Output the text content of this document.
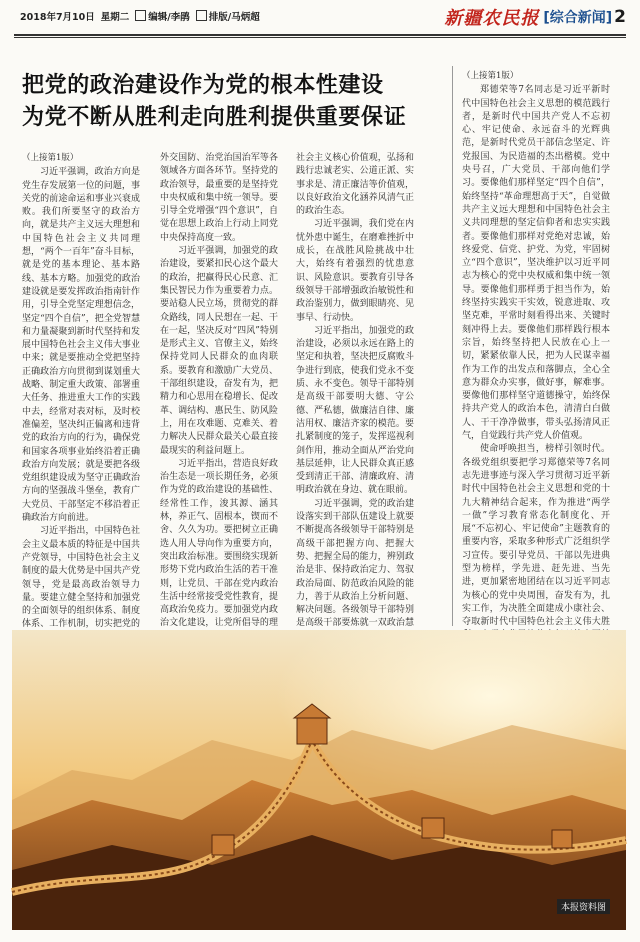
2018年7月10日 星期二	编辑/李鹃	排版/马炳超	新疆农民报 [综合新闻] 2
把党的政治建设作为党的根本性建设
为党不断从胜利走向胜利提供重要保证

（上接第1版）

习近平强调，政治方向是党生存发展第一位的问题，事关党的前途命运和事业兴衰成败。我们所要坚守的政治方向，就是共产主义远大理想和中国特色社会主义共同理想，“两个一百年”奋斗目标，就是党的基本理论、基本路线、基本方略。加强党的政治建设就是要发挥政治指南针作用，引导全党坚定理想信念，坚定“四个自信”，把全党智慧和力量凝聚到新时代坚持和发展中国特色社会主义伟大事业中来；就是要推动全党把坚持正确政治方向贯彻到谋划重大战略、制定重大政策、部署重大任务、推进重大工作的实践中去，经常对表对标，及时校准偏差，坚决纠正偏离和违背党的政治方向的行为，确保党和国家各项事业始终沿着正确政治方向发展；就是要把各级党组织建设成为坚守正确政治方向的坚强战斗堡垒，教育广大党员、干部坚定不移沿着正确政治方向前进。

习近平指出，中国特色社会主义最本质的特征是中国共产党领导，中国特色社会主义制度的最大优势是中国共产党领导，党是最高政治领导力量。要建立健全坚持和加强党的全面领导的组织体系、制度体系、工作机制，切实把党的

外交国防、治党治国治军等各领域各方面各环节。坚持党的政治领导，最重要的是坚持党中央权威和集中统一领导。要引导全党增强“四个意识”，自觉在思想上政治上行动上同党中央保持高度一致。

习近平强调，加强党的政治建设，要紧扣民心这个最大的政治，把赢得民心民意、汇集民智民力作为重要着力点。要站稳人民立场，贯彻党的群众路线，同人民想在一起、干在一起，坚决反对“四风”特别是形式主义、官僚主义，始终保持党同人民群众的血肉联系。要教育和激励广大党员、干部组织建设，奋发有为，把精力和心思用在稳增长、促改革、调结构、惠民生、防风险上，用在攻难题、克难关、着力解决人民群众最关心最直接最现实的利益问题上。

习近平指出，营造良好政治生态是一项长期任务，必须作为党的政治建设的基础性、经常性工作，浚其源、涵其林，养正气、固根本，锲而不舍、久久为功。要把树立正确选人用人导向作为重要方向，突出政治标准。要围绕实现新形势下党内政治生活的若干准则，让党员、干部在党内政治生活中经常接受党性教育，提高政治免疫力。要加强党内政治文化建设，让党所倡导的理

社会主义核心价值观，弘扬和践行忠诚老实、公道正派、实事求是、清正廉洁等价值观，以良好政治文化涵养风清气正的政治生态。

习近平强调，我们党在内忧外患中诞生，在磨难挫折中成长，在战胜风险挑战中壮大，始终有着强烈的忧患意识、风险意识。要教育引导各级领导干部增强政治敏锐性和政治鉴别力，做到眼睛亮、见事早、行动快。

习近平指出，加强党的政治建设，必须以永远在路上的坚定和执着，坚决把反腐败斗争进行到底，使我们党永不变质、永不变色。领导干部特别是高级干部要明大德、守公德、严私德，做廉洁自律、廉洁用权、廉洁齐家的模范。要扎紧制度的笼子，发挥巡视利剑作用，推动全面从严治党向基层延伸，让人民群众真正感受到清正干部、清廉政府、清明政治就在身边、就在眼前。

习近平强调，党的政治建设落实到干部队伍建设上就要不断提高各级领导干部特别是高级干部把握方向、把握大势、把握全局的能力，辨别政治是非、保持政治定力、驾驭政治局面、防范政治风险的能力，善于从政治上分析问题、解决问题。各级领导干部特别是高级干部要炼就一双政治慧

（上接第1版）

郑德荣等7名同志是习近平新时代中国特色社会主义思想的模范践行者，是新时代中国共产党人不忘初心、牢记使命、永远奋斗的光辉典范，是新时代党员干部信念坚定、许党报国、为民造福的杰出楷模。党中央号召，广大党员、干部向他们学习。要像他们那样坚定“四个自信”，始终坚持“革命理想高于天”，自觉做共产主义远大理想和中国特色社会主义共同理想的坚定信仰者和忠实实践者。要像他们那样对党绝对忠诚，始终爱党、信党、护党、为党，牢固树立“四个意识”，坚决维护以习近平同志为核心的党中央权威和集中统一领导。要像他们那样勇于担当作为，始终坚持实践实干实效，锐意进取、攻坚克难，平常时刻看得出来、关键时刻冲得上去。要像他们那样践行根本宗旨，始终坚持把人民放在心上一切，紧紧依靠人民，把为人民谋幸福作为工作的出发点和落脚点，全心全意为群众办实事，做好事，解难事。要像他们那样坚守道德操守，始终保持共产党人的政治本色，清清白白做人、干干净净做事，带头弘扬清风正气，自觉践行共产党人价值观。

使命呼唤担当，榜样引领时代。各级党组织要把学习郑德荣等7名同志先进事迹与深入学习贯彻习近平新时代中国特色社会主义思想和党的十九大精神结合起来，作为推进“两学一做”学习教育常态化制度化、开展“不忘初心、牢记使命”主题教育的重要内容，采取多种形式广泛组织学习宣传。要引导党员、干部以先进典型为榜样，学先进、赶先进、当先进，更加紧密地团结在以习近平同志为核心的党中央周围，奋发有为，扎实工作，为决胜全面建成小康社会、夺取新时代中国特色社会主义伟大胜

本报资料图
